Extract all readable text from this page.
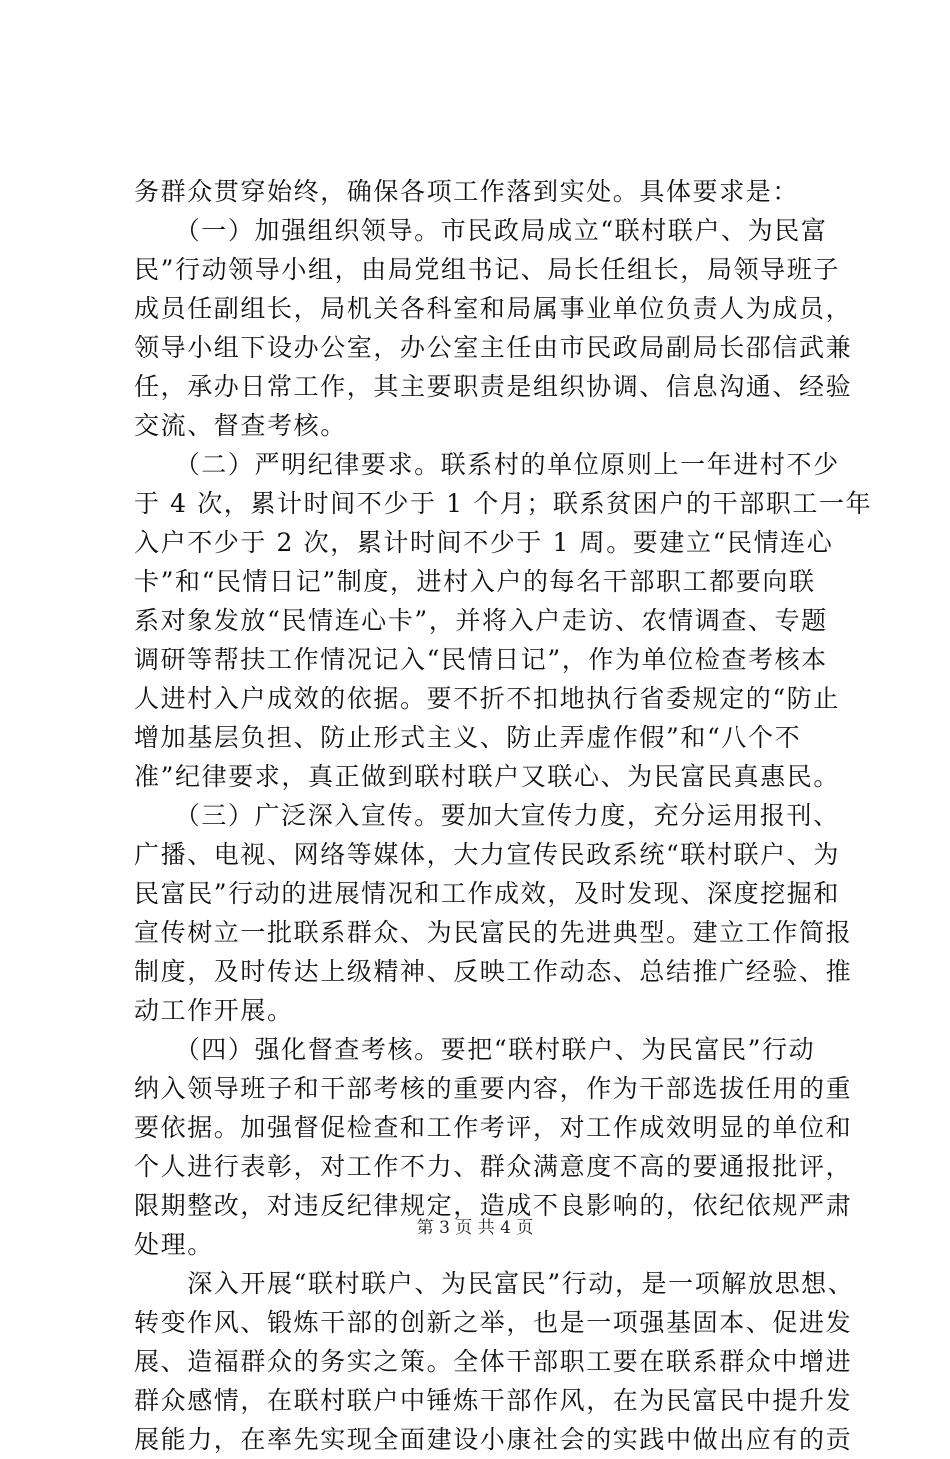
务群众贯穿始终，确保各项工作落到实处。具体要求是：
　　（一）加强组织领导。市民政局成立“联村联户、为民富
民”行动领导小组，由局党组书记、局长任组长，局领导班子
成员任副组长，局机关各科室和局属事业单位负责人为成员，
领导小组下设办公室，办公室主任由市民政局副局长邵信武兼
任，承办日常工作，其主要职责是组织协调、信息沟通、经验
交流、督查考核。
　　（二）严明纪律要求。联系村的单位原则上一年进村不少
于 4 次，累计时间不少于 1 个月；联系贫困户的干部职工一年
入户不少于 2 次，累计时间不少于 1 周。要建立“民情连心
卡”和“民情日记”制度，进村入户的每名干部职工都要向联
系对象发放“民情连心卡”，并将入户走访、农情调查、专题
调研等帮扶工作情况记入“民情日记”，作为单位检查考核本
人进村入户成效的依据。要不折不扣地执行省委规定的“防止
增加基层负担、防止形式主义、防止弄虚作假”和“八个不
准”纪律要求，真正做到联村联户又联心、为民富民真惠民。
　　（三）广泛深入宣传。要加大宣传力度，充分运用报刊、
广播、电视、网络等媒体，大力宣传民政系统“联村联户、为
民富民”行动的进展情况和工作成效，及时发现、深度挖掘和
宣传树立一批联系群众、为民富民的先进典型。建立工作简报
制度，及时传达上级精神、反映工作动态、总结推广经验、推
动工作开展。
　　（四）强化督查考核。要把“联村联户、为民富民”行动
纳入领导班子和干部考核的重要内容，作为干部选拔任用的重
要依据。加强督促检查和工作考评，对工作成效明显的单位和
个人进行表彰，对工作不力、群众满意度不高的要通报批评，
限期整改，对违反纪律规定，造成不良影响的，依纪依规严肃
处理。
　　深入开展“联村联户、为民富民”行动，是一项解放思想、
转变作风、锻炼干部的创新之举，也是一项强基固本、促进发
展、造福群众的务实之策。全体干部职工要在联系群众中增进
群众感情，在联村联户中锤炼干部作风，在为民富民中提升发
展能力，在率先实现全面建设小康社会的实践中做出应有的贡
第 3 页 共 4 页
